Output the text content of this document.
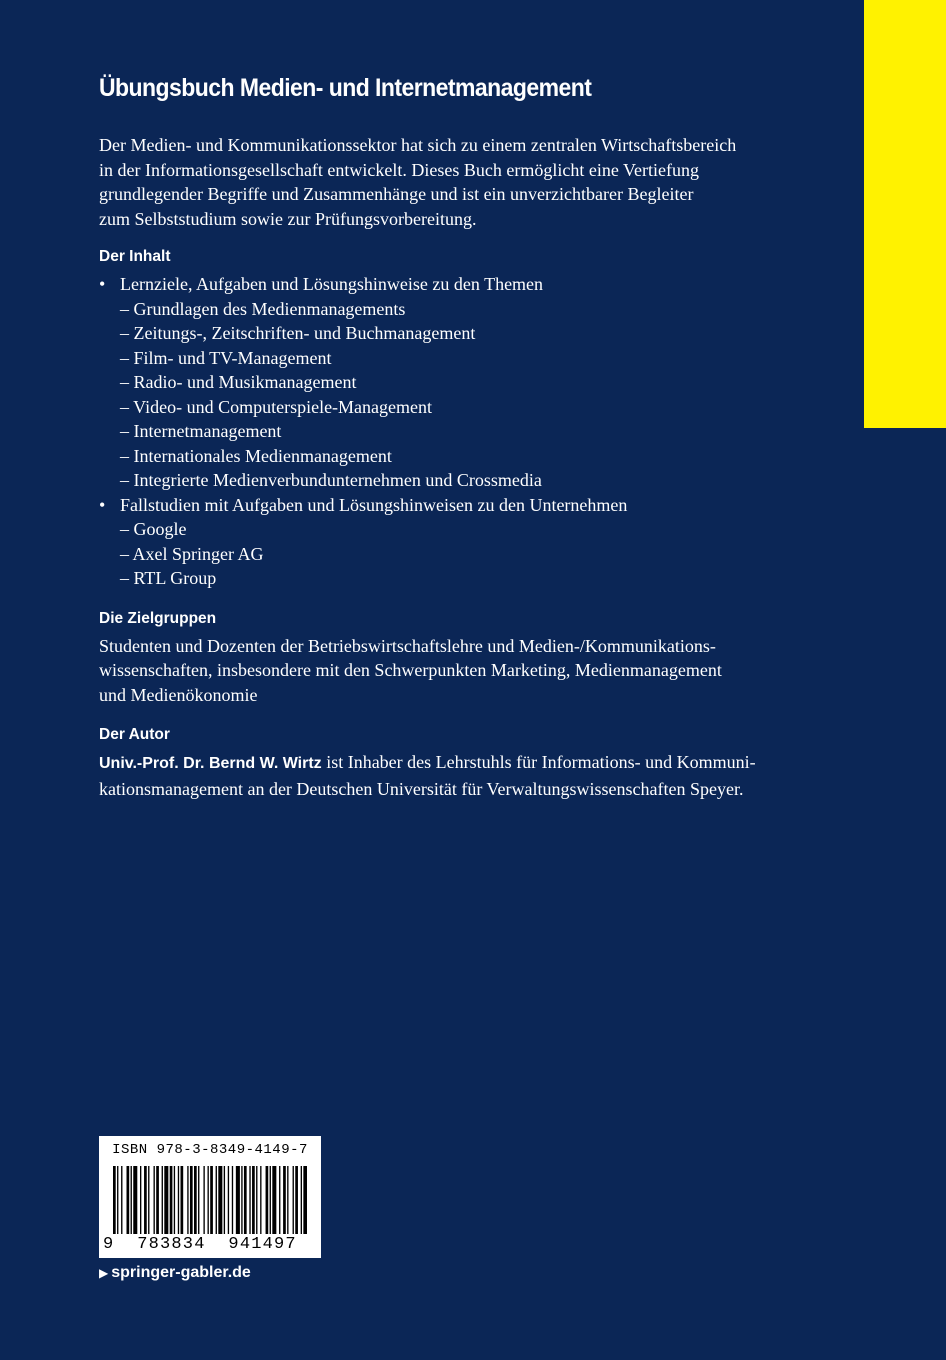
Übungsbuch Medien- und Internetmanagement

Der Medien- und Kommunikationssektor hat sich zu einem zentralen Wirtschaftsbereich

in der Informationsgesellschaft entwickelt. Dieses Buch ermöglicht eine Vertiefung

grundlegender Begriffe und Zusammenhänge und ist ein unverzichtbarer Begleiter

zum Selbststudium sowie zur Prüfungsvorbereitung.

Der Inhalt
• Lernziele, Aufgaben und Lösungshinweise zu den Themen
– Grundlagen des Medienmanagements
– Zeitungs-, Zeitschriften- und Buchmanagement
– Film- und TV-Management
– Radio- und Musikmanagement
– Video- und Computerspiele-Management
– Internetmanagement
– Internationales Medienmanagement
– Integrierte Medienverbundunternehmen und Crossmedia
• Fallstudien mit Aufgaben und Lösungshinweisen zu den Unternehmen
– Google
– Axel Springer AG
– RTL Group
Die Zielgruppen

Studenten und Dozenten der Betriebswirtschaftslehre und Medien-/Kommunikations-

wissenschaften, insbesondere mit den Schwerpunkten Marketing, Medienmanagement

und Medienökonomie

Der Autor

Univ.-Prof. Dr. Bernd W. Wirtz ist Inhaber des Lehrstuhls für Informations- und Kommuni-

kationsmanagement an der Deutschen Universität für Verwaltungswissenschaften Speyer.

ISBN 978-3-8349-4149-7
9  783834  941497
▶ springer-gabler.de
